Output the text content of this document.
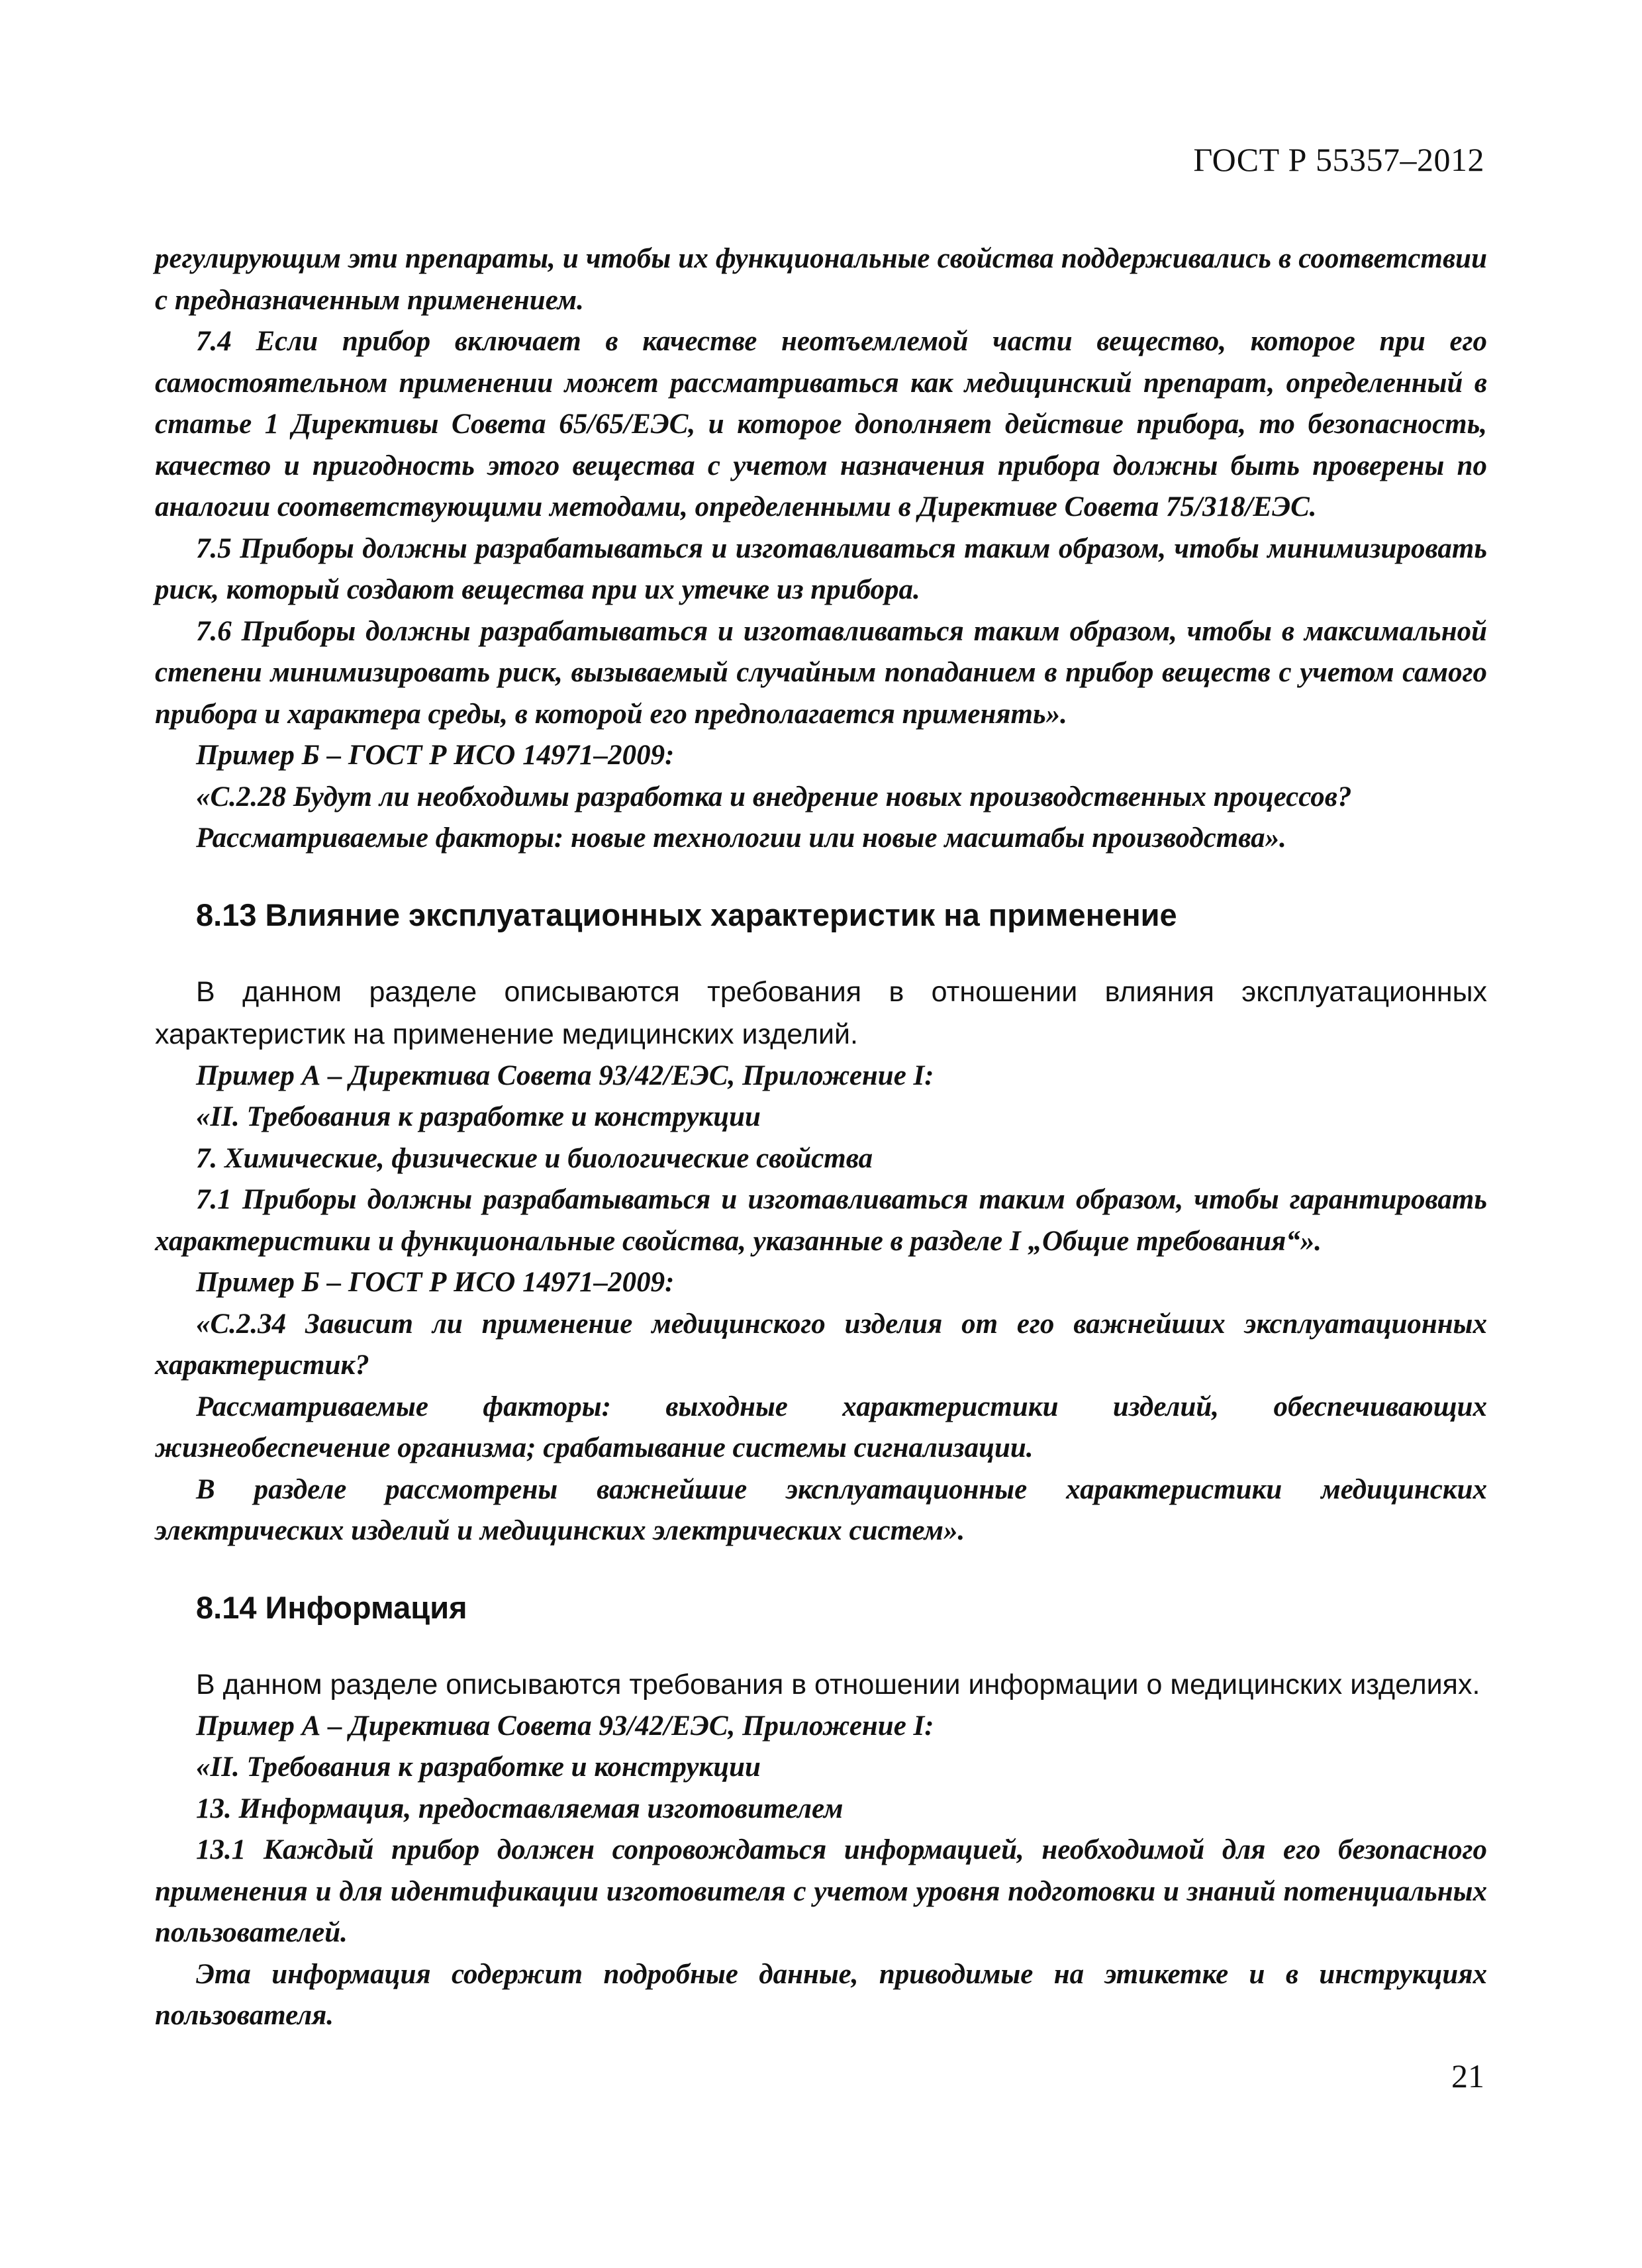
ГОСТ Р 55357–2012

регулирующим эти препараты, и чтобы их функциональные свойства поддерживались в соответствии с предназначенным применением.

7.4 Если прибор включает в качестве неотъемлемой части вещество, которое при его самостоятельном применении может рассматриваться как медицинский препарат, определенный в статье 1 Директивы Совета 65/65/ЕЭС, и которое дополняет действие прибора, то безопасность, качество и пригодность этого вещества с учетом назначения прибора должны быть проверены по аналогии соответствующими методами, определенными в Директиве Совета 75/318/ЕЭС.

7.5 Приборы должны разрабатываться и изготавливаться таким образом, чтобы минимизировать риск, который создают вещества при их утечке из прибора.

7.6 Приборы должны разрабатываться и изготавливаться таким образом, чтобы в максимальной степени минимизировать риск, вызываемый случайным попаданием в прибор веществ с учетом самого прибора и характера среды, в которой его предполагается применять».

Пример Б – ГОСТ Р ИСО 14971–2009:

«С.2.28 Будут ли необходимы разработка и внедрение новых производственных процессов?

Рассматриваемые факторы: новые технологии или новые масштабы производства».

8.13 Влияние эксплуатационных характеристик на применение

В данном разделе описываются требования в отношении влияния эксплуатационных характеристик на применение медицинских изделий.

Пример А – Директива Совета 93/42/ЕЭС, Приложение I:

«II. Требования к разработке и конструкции

7. Химические, физические и биологические свойства

7.1 Приборы должны разрабатываться и изготавливаться таким образом, чтобы гарантировать характеристики и функциональные свойства, указанные в разделе I „Общие требования“».

Пример Б – ГОСТ Р ИСО 14971–2009:

«С.2.34 Зависит ли применение медицинского изделия от его важнейших эксплуатационных характеристик?

Рассматриваемые факторы: выходные характеристики изделий, обеспечивающих жизнеобеспечение организма; срабатывание системы сигнализации.

В разделе рассмотрены важнейшие эксплуатационные характеристики медицинских электрических изделий и медицинских электрических систем».

8.14 Информация

В данном разделе описываются требования в отношении информации о медицинских изделиях.

Пример А – Директива Совета 93/42/ЕЭС, Приложение I:

«II. Требования к разработке и конструкции

13. Информация, предоставляемая изготовителем

13.1 Каждый прибор должен сопровождаться информацией, необходимой для его безопасного применения и для идентификации изготовителя с учетом уровня подготовки и знаний потенциальных пользователей.

Эта информация содержит подробные данные, приводимые на этикетке и в инструкциях пользователя.

21
